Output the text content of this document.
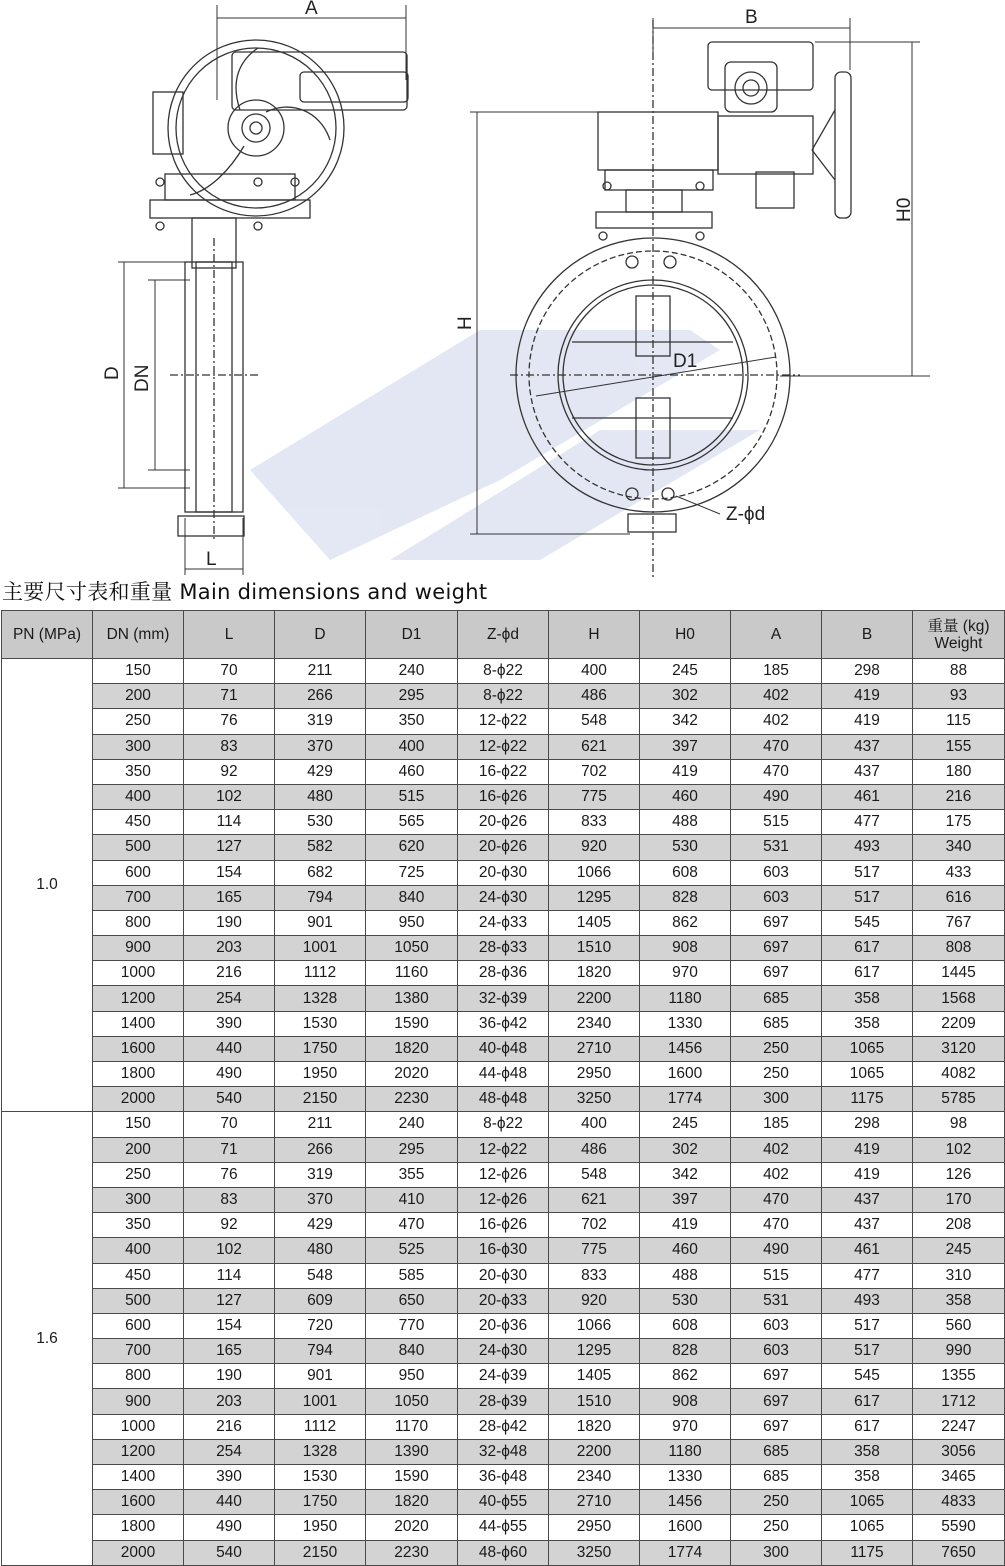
A
D DN
L
B
H
H0
D1
Z-ϕd
主要尺寸表和重量 Main dimensions and weight
PN (MPa)	DN (mm)	L	D	D1	Z-ϕd	H	H0	A	B	重量 (kg)
Weight
1.0	150	70	211	240	8-ϕ22	400	245	185	298	88
	200	71	266	295	8-ϕ22	486	302	402	419	93
	250	76	319	350	12-ϕ22	548	342	402	419	115
	300	83	370	400	12-ϕ22	621	397	470	437	155
	350	92	429	460	16-ϕ22	702	419	470	437	180
	400	102	480	515	16-ϕ26	775	460	490	461	216
	450	114	530	565	20-ϕ26	833	488	515	477	175
	500	127	582	620	20-ϕ26	920	530	531	493	340
	600	154	682	725	20-ϕ30	1066	608	603	517	433
	700	165	794	840	24-ϕ30	1295	828	603	517	616
	800	190	901	950	24-ϕ33	1405	862	697	545	767
	900	203	1001	1050	28-ϕ33	1510	908	697	617	808
	1000	216	1112	1160	28-ϕ36	1820	970	697	617	1445
	1200	254	1328	1380	32-ϕ39	2200	1180	685	358	1568
	1400	390	1530	1590	36-ϕ42	2340	1330	685	358	2209
	1600	440	1750	1820	40-ϕ48	2710	1456	250	1065	3120
	1800	490	1950	2020	44-ϕ48	2950	1600	250	1065	4082
	2000	540	2150	2230	48-ϕ48	3250	1774	300	1175	5785
1.6	150	70	211	240	8-ϕ22	400	245	185	298	98
	200	71	266	295	12-ϕ22	486	302	402	419	102
	250	76	319	355	12-ϕ26	548	342	402	419	126
	300	83	370	410	12-ϕ26	621	397	470	437	170
	350	92	429	470	16-ϕ26	702	419	470	437	208
	400	102	480	525	16-ϕ30	775	460	490	461	245
	450	114	548	585	20-ϕ30	833	488	515	477	310
	500	127	609	650	20-ϕ33	920	530	531	493	358
	600	154	720	770	20-ϕ36	1066	608	603	517	560
	700	165	794	840	24-ϕ30	1295	828	603	517	990
	800	190	901	950	24-ϕ39	1405	862	697	545	1355
	900	203	1001	1050	28-ϕ39	1510	908	697	617	1712
	1000	216	1112	1170	28-ϕ42	1820	970	697	617	2247
	1200	254	1328	1390	32-ϕ48	2200	1180	685	358	3056
	1400	390	1530	1590	36-ϕ48	2340	1330	685	358	3465
	1600	440	1750	1820	40-ϕ55	2710	1456	250	1065	4833
	1800	490	1950	2020	44-ϕ55	2950	1600	250	1065	5590
	2000	540	2150	2230	48-ϕ60	3250	1774	300	1175	7650
